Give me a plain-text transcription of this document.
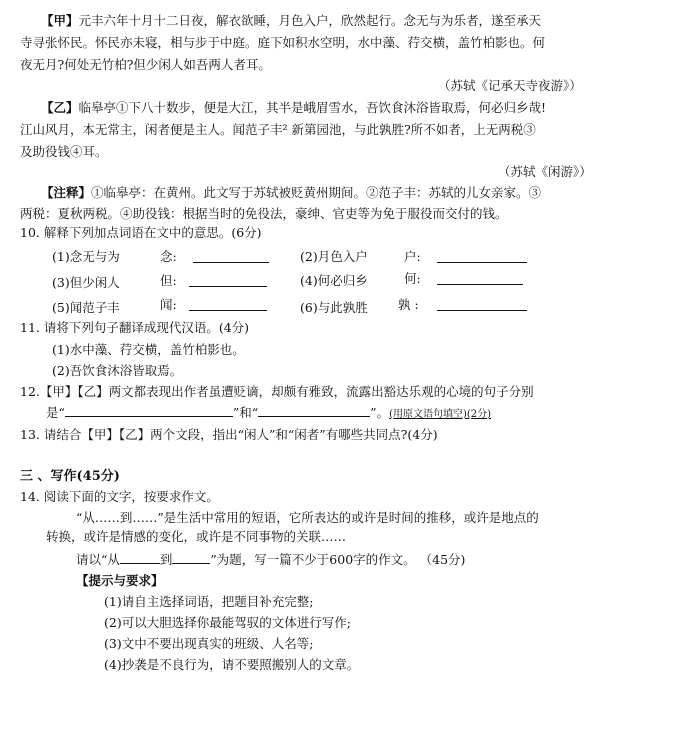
【甲】元丰六年十月十二日夜，解衣欲睡，月色入户，欣然起行。念无与为乐者，遂至承天
寺寻张怀民。怀民亦未寝，相与步于中庭。庭下如积水空明，水中藻、荇交横，盖竹柏影也。何
夜无月?何处无竹柏?但少闲人如吾两人者耳。
（苏轼《记承天寺夜游》）
【乙】临皋亭①下八十数步，便是大江，其半是峨眉雪水，吾饮食沐浴皆取焉，何必归乡哉!
江山风月，本无常主，闲者便是主人。闻范子丰² 新第园池，与此孰胜?所不如者，上无两税③
及助役钱④耳。
（苏轼《闲游》）
【注释】①临皋亭：在黄州。此文写于苏轼被贬黄州期间。②范子丰：苏轼的儿女亲家。③
两税：夏秋两税。④助役钱：根据当时的免役法，豪绅、官吏等为免于服役而交付的钱。
10. 解释下列加点词语在文中的意思。(6分)
(1)念无与为	念:	(2)月色入户	户:
(3)但少闲人	但:	(4)何必归乡	何:
(5)闻范子丰	闻:	(6)与此孰胜 孰 :
11. 请将下列句子翻译成现代汉语。(4分)
(1)水中藻、荇交横，盖竹柏影也。
(2)吾饮食沐浴皆取焉。
12.【甲】【乙】两文都表现出作者虽遭贬谪，却颇有雅致，流露出豁达乐观的心境的句子分别
是“	”和“	”。(用原文语句填空)(2分)
13. 请结合【甲】【乙】两个文段，指出“闲人”和“闲者”有哪些共同点?(4分)
三 、写作(45分)
14. 阅读下面的文字，按要求作文。
“从……到……”是生活中常用的短语，它所表达的或许是时间的推移，或许是地点的
转换，或许是情感的变化，或许是不同事物的关联……
请以“从	到	”为题，写一篇不少于600字的作文。 （45分)
【提示与要求】
(1)请自主选择词语，把题目补充完整;
(2)可以大胆选择你最能驾驭的文体进行写作;
(3)文中不要出现真实的班级、人名等;
(4)抄袭是不良行为，请不要照搬别人的文章。
